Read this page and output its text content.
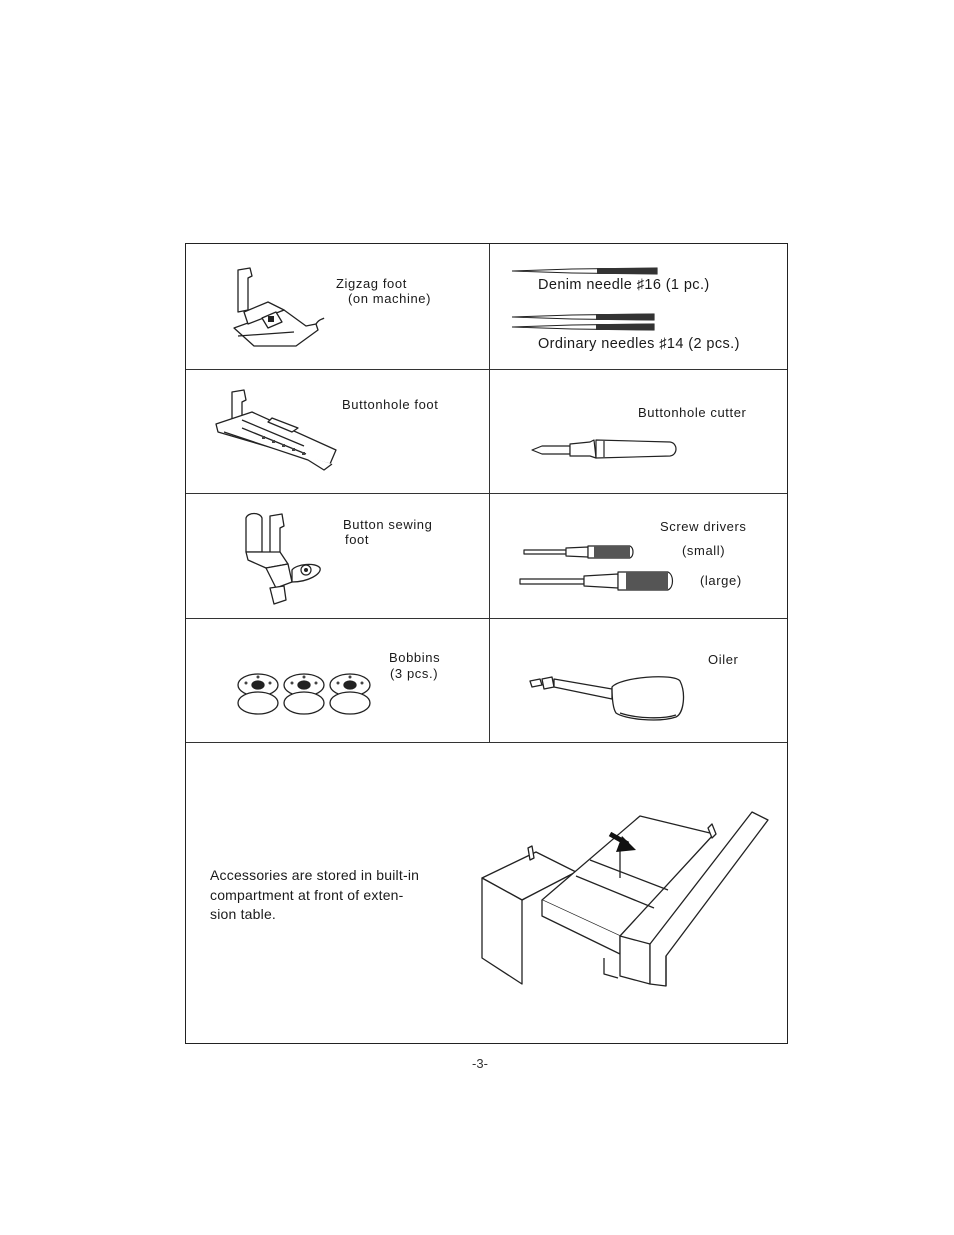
Zigzag foot
(on machine)
Denim needle ♯16 (1 pc.)
Ordinary needles ♯14 (2 pcs.)
Buttonhole foot
Buttonhole cutter
Button sewing
foot
Screw drivers
(small)
(large)
Bobbins
(3 pcs.)
Oiler
Accessories are stored in built-in
compartment at front of exten-
sion table.
-3-
